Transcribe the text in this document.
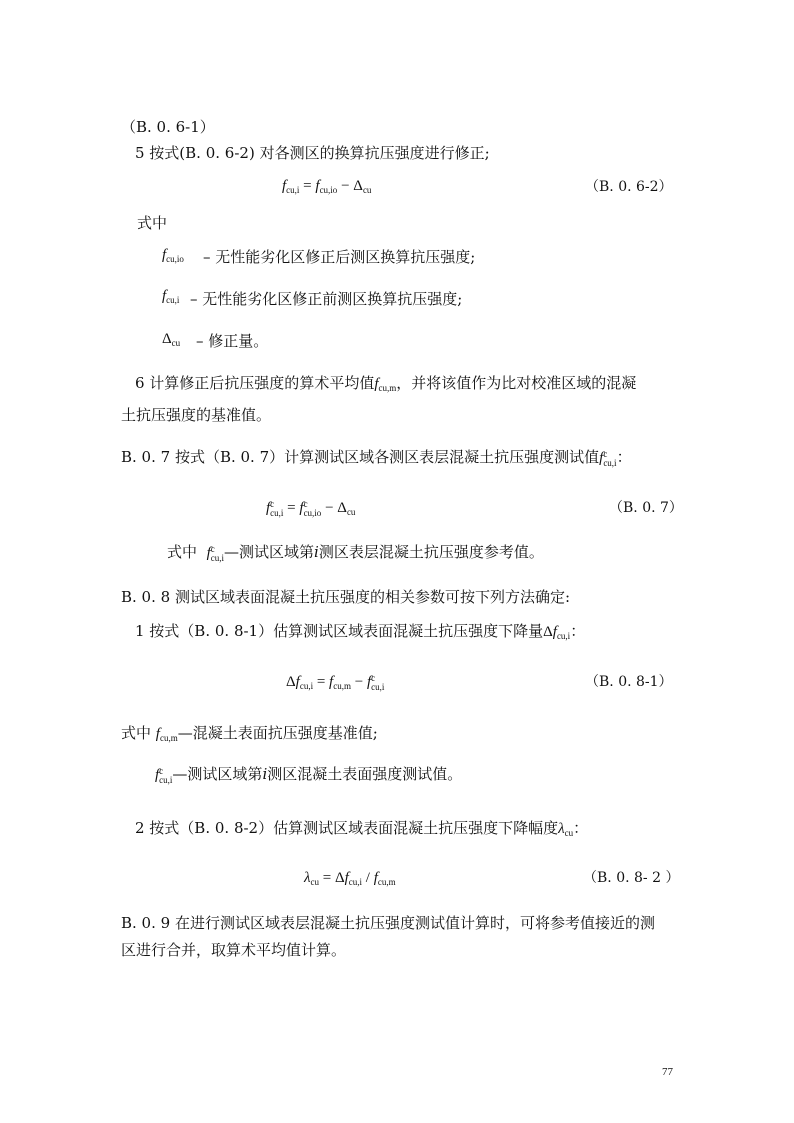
（B. 0. 6-1）
5 按式(B. 0. 6-2) 对各测区的换算抗压强度进行修正;
$f_{cu,i} = f_{cu,io} - \Delta_{cu}$	（B. 0. 6-2）
式中
$f_{cu,io}$ – 无性能劣化区修正后测区换算抗压强度;
$f_{cu,i}$ – 无性能劣化区修正前测区换算抗压强度;
$\Delta_{cu}$ – 修正量。
6 计算修正后抗压强度的算术平均值$f_{cu,m}$，并将该值作为比对校准区域的混凝
土抗压强度的基准值。
B. 0. 7 按式（B. 0. 7）计算测试区域各测区表层混凝土抗压强度测试值f c
cu,i ：
f c
cu,i = f c
$cu,io - \Delta_{cu}$	（B. 0. 7）
式中 f c
cu,i —测试区域第i测区表层混凝土抗压强度参考值。
B. 0. 8 测试区域表面混凝土抗压强度的相关参数可按下列方法确定:
1 按式（B. 0. 8-1）估算测试区域表面混凝土抗压强度下降量$\Delta f_{cu,i}$：
$\Delta f_{cu,i} = f_{cu,m} - f$ c
cu,i	（B. 0. 8-1）
式中 $f_{cu,m}—$混凝土表面抗压强度基准值;
f c
cu,i —测试区域第i测区混凝土表面强度测试值。
2 按式（B. 0. 8-2）估算测试区域表面混凝土抗压强度下降幅度$\lambda_{cu}$：
$\lambda_{cu} = \Delta f_{cu,i} / f_{cu,m}$	（B. 0. 8- 2 ）
B. 0. 9 在进行测试区域表层混凝土抗压强度测试值计算时，可将参考值接近的测
区进行合并，取算术平均值计算。
77
